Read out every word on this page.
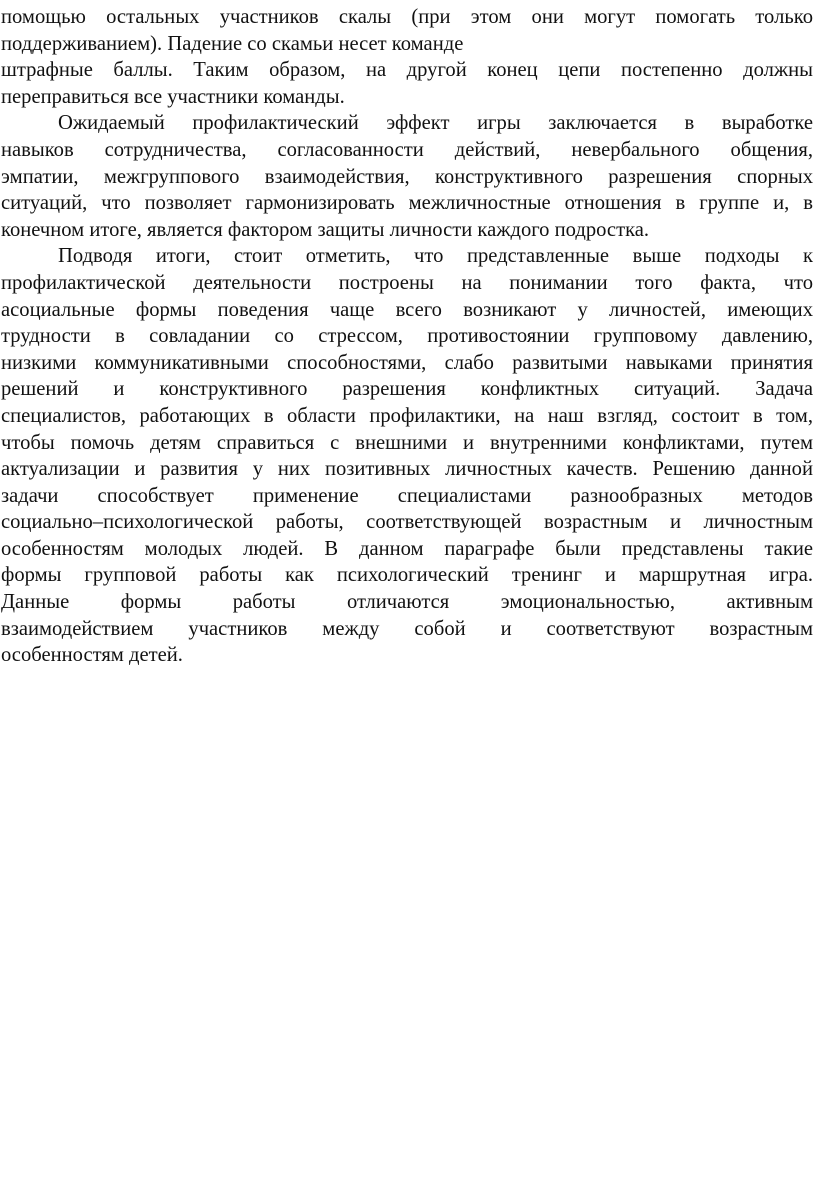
помощью остальных участников скалы (при этом они могут помогать только
поддерживанием). Падение со скамьи несет команде
штрафные баллы. Таким образом, на другой конец цепи постепенно должны
переправиться все участники команды.
Ожидаемый профилактический эффект игры заключается в выработке
навыков сотрудничества, согласованности действий, невербального общения,
эмпатии, межгруппового взаимодействия, конструктивного разрешения спорных
ситуаций, что позволяет гармонизировать межличностные отношения в группе и, в
конечном итоге, является фактором защиты личности каждого подростка.
Подводя итоги, стоит отметить, что представленные выше подходы к
профилактической деятельности построены на понимании того факта, что
асоциальные формы поведения чаще всего возникают у личностей, имеющих
трудности в совладании со стрессом, противостоянии групповому давлению,
низкими коммуникативными способностями, слабо развитыми навыками принятия
решений и конструктивного разрешения конфликтных ситуаций. Задача
специалистов, работающих в области профилактики, на наш взгляд, состоит в том,
чтобы помочь детям справиться с внешними и внутренними конфликтами, путем
актуализации и развития у них позитивных личностных качеств. Решению данной
задачи способствует применение специалистами разнообразных методов
социально–психологической работы, соответствующей возрастным и личностным
особенностям молодых людей. В данном параграфе были представлены такие
формы групповой работы как психологический тренинг и маршрутная игра.
Данные формы работы отличаются эмоциональностью, активным
взаимодействием участников между собой и соответствуют возрастным
особенностям детей.
